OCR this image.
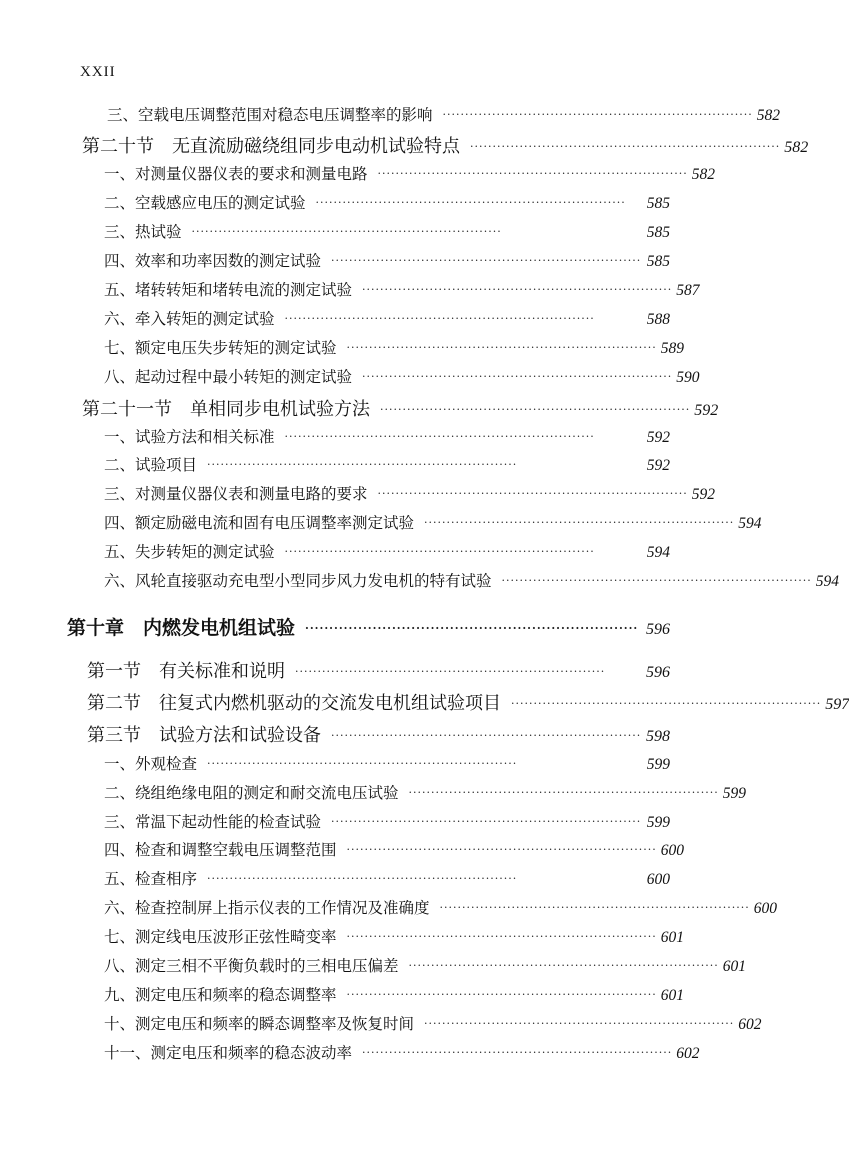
XXII
三、空载电压调整范围对稳态电压调整率的影响 ····································································· 582
第二十节　无直流励磁绕组同步电动机试验特点 ····································································· 582
一、对测量仪器仪表的要求和测量电路 ····································································· 582
二、空载感应电压的测定试验 ·····································································	585
三、热试验 ·····································································	585
四、效率和功率因数的测定试验 ····································································· 585
五、堵转转矩和堵转电流的测定试验 ····································································· 587
六、牵入转矩的测定试验 ·····································································	588
七、额定电压失步转矩的测定试验 ····································································· 589
八、起动过程中最小转矩的测定试验 ····································································· 590
第二十一节　单相同步电机试验方法 ····································································· 592
一、试验方法和相关标准 ·····································································	592
二、试验项目 ·····································································	592
三、对测量仪器仪表和测量电路的要求 ····································································· 592
四、额定励磁电流和固有电压调整率测定试验 ····································································· 594
五、失步转矩的测定试验 ·····································································	594
六、风轮直接驱动充电型小型同步风力发电机的特有试验 ····································································· 594
第十章　内燃发电机组试验 ····································································· 596
第一节　有关标准和说明 ·····································································	596
第二节　往复式内燃机驱动的交流发电机组试验项目 ····································································· 597
第三节　试验方法和试验设备 ····································································· 598
一、外观检查 ·····································································	599
二、绕组绝缘电阻的测定和耐交流电压试验 ····································································· 599
三、常温下起动性能的检查试验 ····································································· 599
四、检查和调整空载电压调整范围 ····································································· 600
五、检查相序 ·····································································	600
六、检查控制屏上指示仪表的工作情况及准确度 ····································································· 600
七、测定线电压波形正弦性畸变率 ····································································· 601
八、测定三相不平衡负载时的三相电压偏差 ····································································· 601
九、测定电压和频率的稳态调整率 ····································································· 601
十、测定电压和频率的瞬态调整率及恢复时间 ····································································· 602
十一、测定电压和频率的稳态波动率 ····································································· 602
